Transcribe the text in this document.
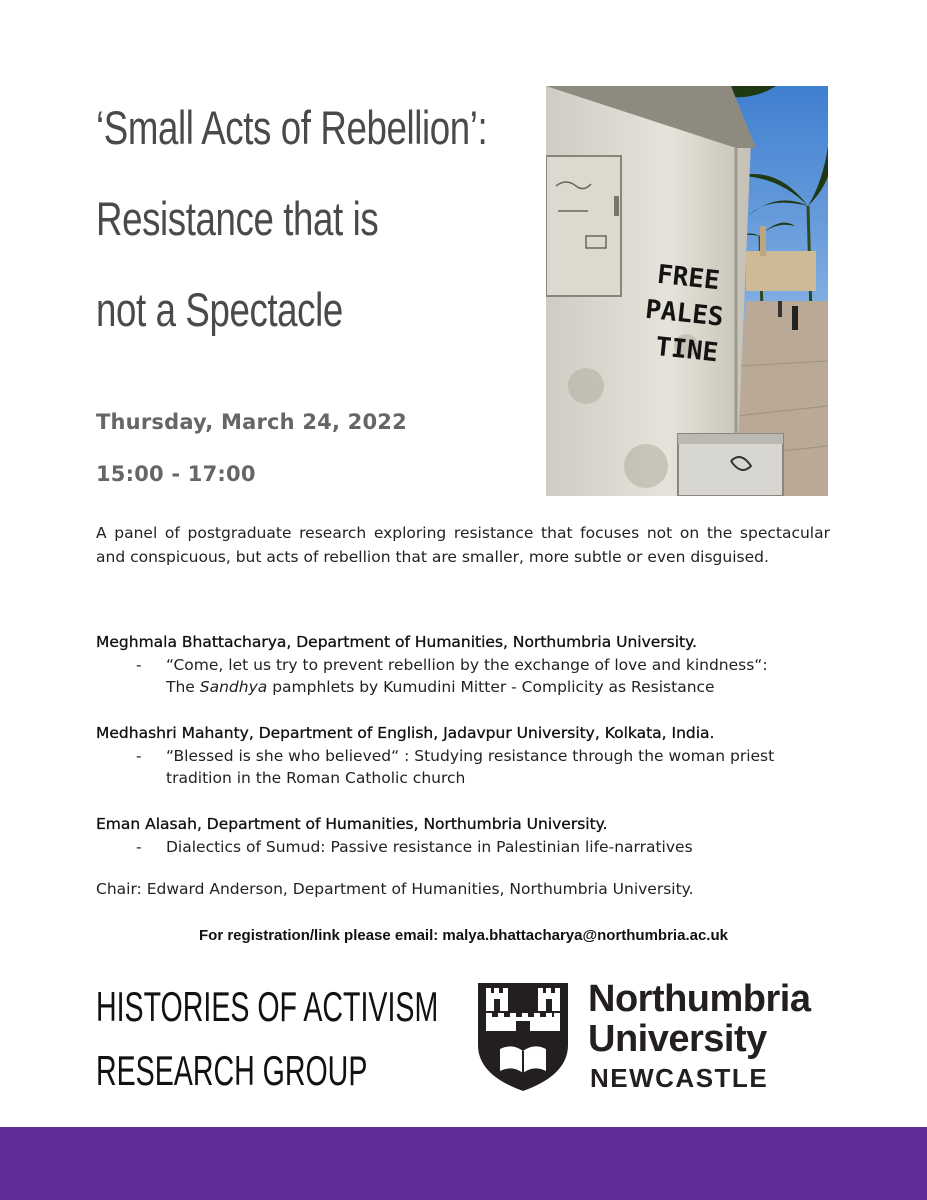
‘Small Acts of Rebellion’:
Resistance that is
not a Spectacle

Thursday, March 24, 2022

15:00 - 17:00

FREE
PALES
TINE

A panel of postgraduate research exploring resistance that focuses not on the spectacular and conspicuous, but acts of rebellion that are smaller, more subtle or even disguised.

Meghmala Bhattacharya, Department of Humanities, Northumbria University.

- “Come, let us try to prevent rebellion by the exchange of love and kindness“:
The Sandhya pamphlets by Kumudini Mitter - Complicity as Resistance

Medhashri Mahanty, Department of English, Jadavpur University, Kolkata, India.

- “Blessed is she who believed“ : Studying resistance through the woman priest
tradition in the Roman Catholic church

Eman Alasah, Department of Humanities, Northumbria University.

- Dialectics of Sumud: Passive resistance in Palestinian life-narratives

Chair: Edward Anderson, Department of Humanities, Northumbria University.

For registration/link please email: malya.bhattacharya@northumbria.ac.uk

HISTORIES OF ACTIVISM
RESEARCH GROUP

Northumbria
University

NEWCASTLE
